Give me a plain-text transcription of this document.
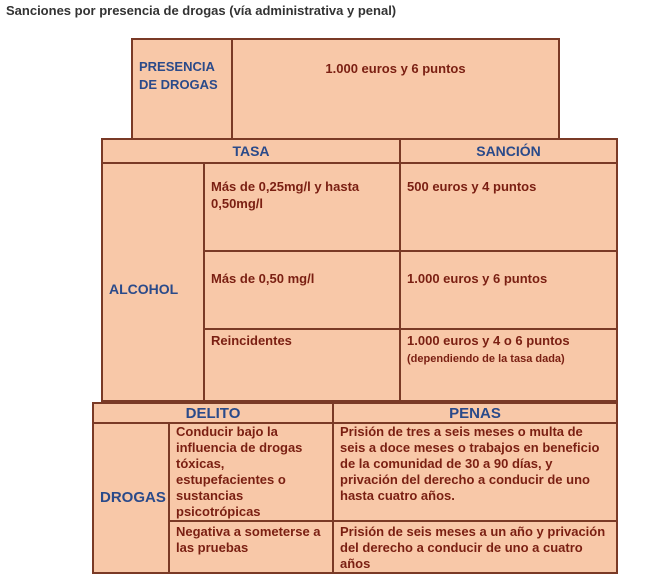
Sanciones por presencia de drogas (vía administrativa y penal)
PRESENCIA
DE DROGAS	1.000 euros y 6 puntos
TASA		SANCIÓN
ALCOHOL	Más de 0,25mg/l y hasta 0,50mg/l	500 euros y 4 puntos
	Más de 0,50 mg/l	1.000 euros y 6 puntos
	Reincidentes	1.000 euros y 4 o 6 puntos
(dependiendo de la tasa dada)
DELITO		PENAS
DROGAS	Conducir bajo la influencia de drogas tóxicas, estupefacientes o sustancias psicotrópicas	Prisión de tres a seis meses o multa de seis a doce meses o trabajos en beneficio de la comunidad de 30 a 90 días, y privación del derecho a conducir de uno hasta cuatro años.
	Negativa a someterse a las pruebas	Prisión de seis meses a un año y privación del derecho a conducir de uno a cuatro años
